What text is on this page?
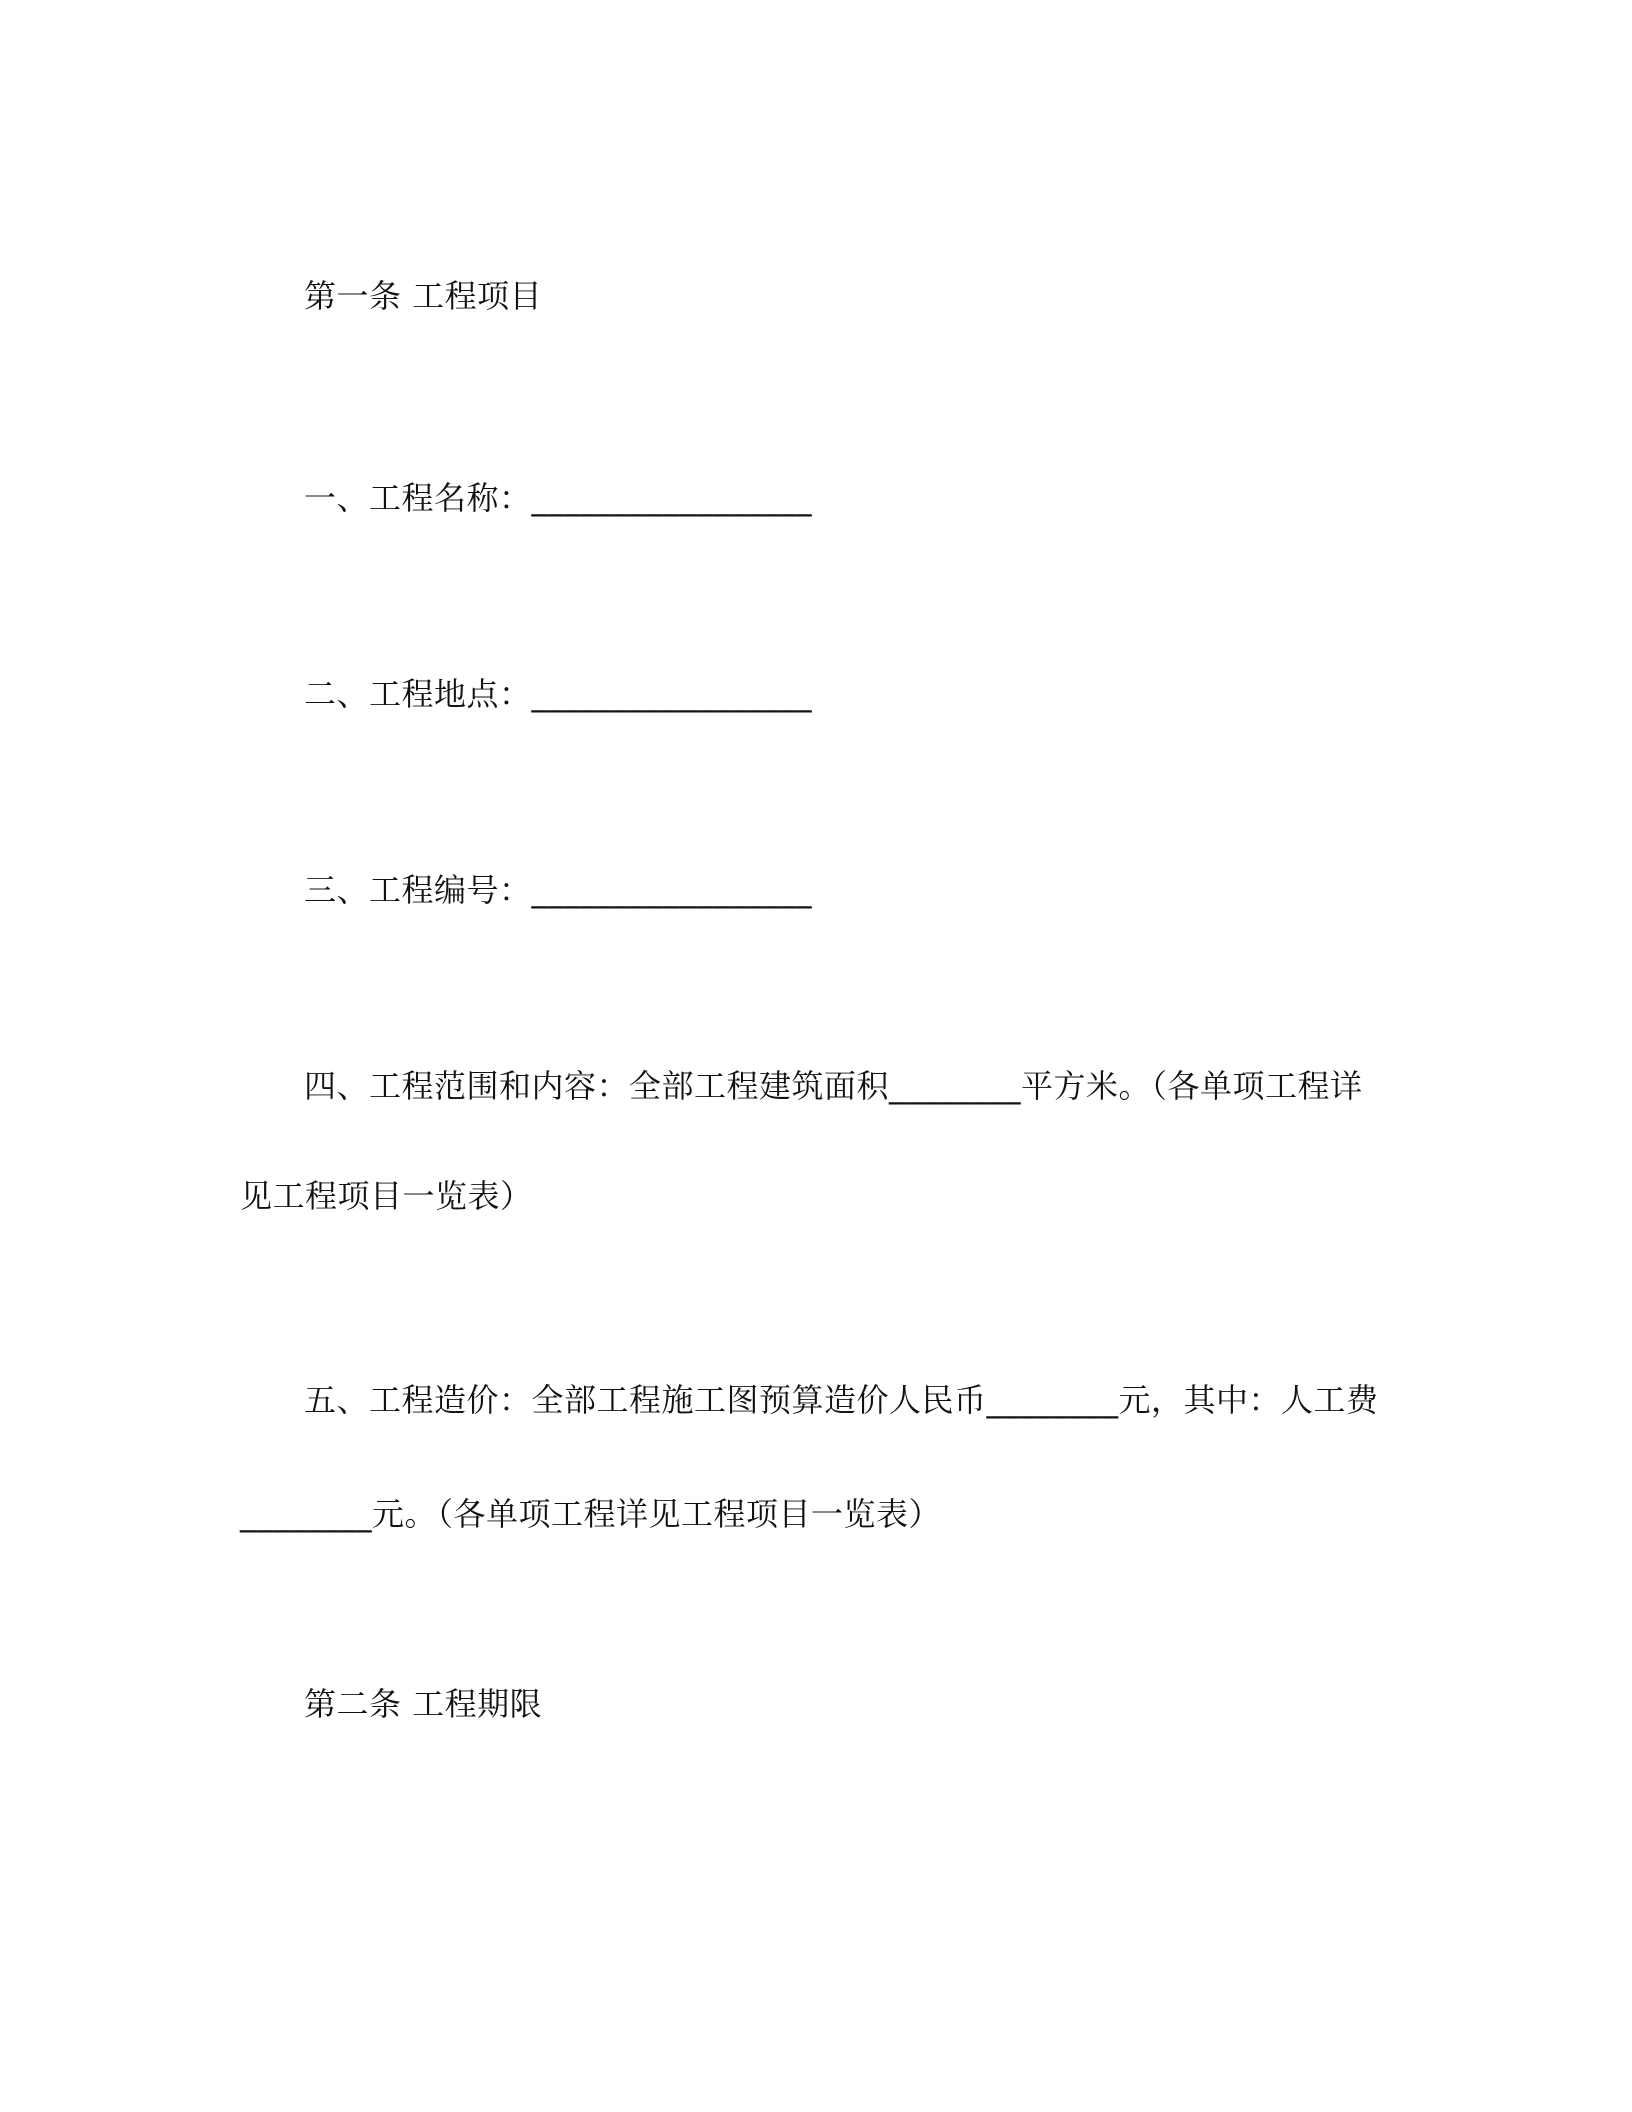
第一条 工程项目
一、工程名称：_________________
二、工程地点：_________________
三、工程编号：_________________
四、工程范围和内容：全部工程建筑面积________平方米。（各单项工程详
见工程项目一览表）
五、工程造价：全部工程施工图预算造价人民币________元，其中：人工费
________元。（各单项工程详见工程项目一览表）
第二条 工程期限
